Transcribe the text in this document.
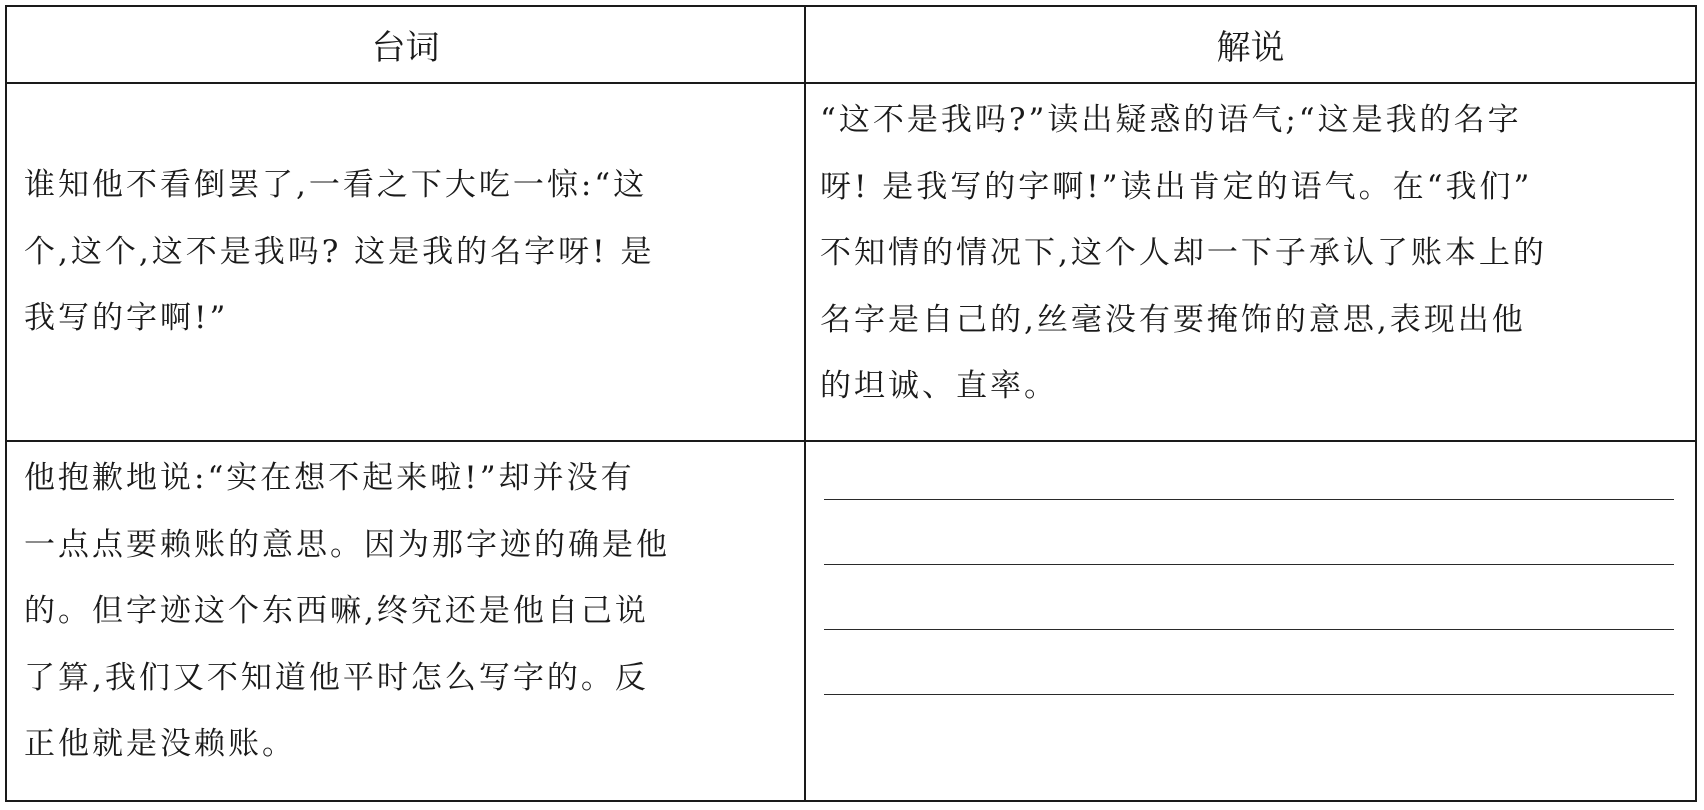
台词	解说
谁知他不看倒罢了,一看之下大吃一惊:“这
个,这个,这不是我吗? 这是我的名字呀! 是
我写的字啊!”
“这不是我吗?”读出疑惑的语气;“这是我的名字
呀! 是我写的字啊!”读出肯定的语气。在“我们”
不知情的情况下,这个人却一下子承认了账本上的
名字是自己的,丝毫没有要掩饰的意思,表现出他
的坦诚、直率。
他抱歉地说:“实在想不起来啦!”却并没有
一点点要赖账的意思。因为那字迹的确是他
的。但字迹这个东西嘛,终究还是他自己说
了算,我们又不知道他平时怎么写字的。反
正他就是没赖账。
